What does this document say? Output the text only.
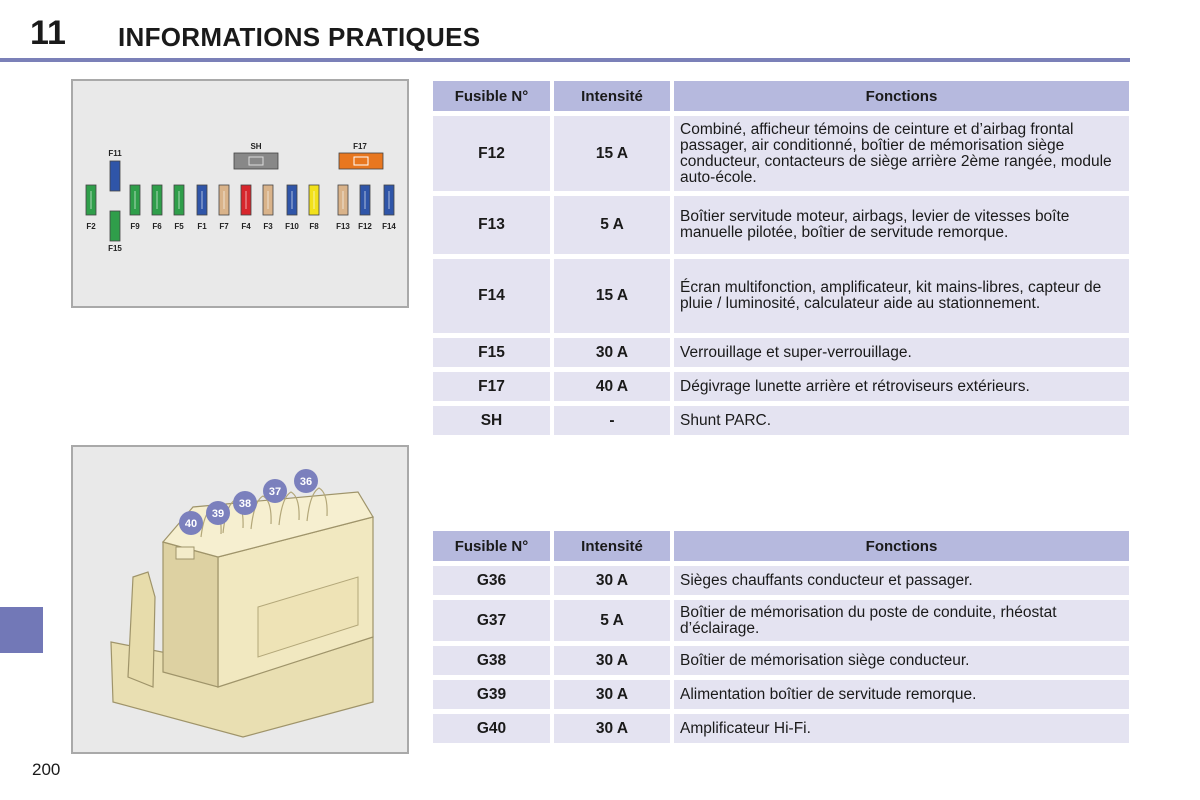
11 INFORMATIONS PRATIQUES
200
F11
SH	F17
F15
F2	F9 F6 F5 F1 F7 F4 F3 F10 F8 F13 F12 F14
40
39
38
37
36
Fusible N°	Intensité	Fonctions
F12	15 A	Combiné, afficheur témoins de ceinture et d’airbag frontal passager, air conditionné, boîtier de mémorisation siège conducteur, contacteurs de siège arrière 2ème rangée, module auto-école.
F13	5 A	Boîtier servitude moteur, airbags, levier de vitesses boîte manuelle pilotée, boîtier de servitude remorque.
F14	15 A	Écran multifonction, amplificateur, kit mains-libres, capteur de pluie / luminosité, calculateur aide au stationnement.
F15	30 A	Verrouillage et super-verrouillage.
F17	40 A	Dégivrage lunette arrière et rétroviseurs extérieurs.
SH	-	Shunt PARC.
Fusible N°	Intensité	Fonctions
G36	30 A	Sièges chauffants conducteur et passager.
G37	5 A	Boîtier de mémorisation du poste de conduite, rhéostat d’éclairage.
G38	30 A	Boîtier de mémorisation siège conducteur.
G39	30 A	Alimentation boîtier de servitude remorque.
G40	30 A	Amplificateur Hi-Fi.
